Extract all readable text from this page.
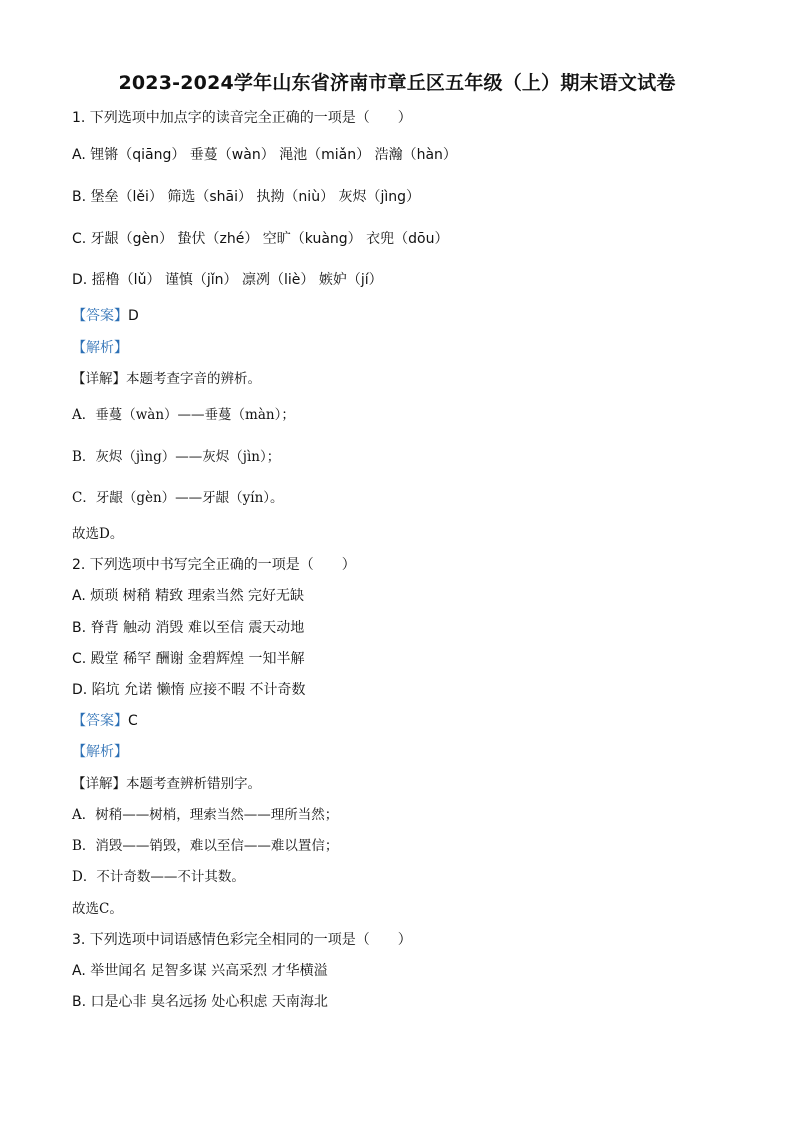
2023-2024学年山东省济南市章丘区五年级（上）期末语文试卷
1. 下列选项中加点字的读音完全正确的一项是（　　）
A. 锂锵（qiāng） 垂蔓（wàn） 渑池（miǎn） 浩瀚（hàn）
B. 堡垒（lěi） 筛选（shāi） 执拗（niù） 灰烬（jìng）
C. 牙龈（gèn） 蛰伏（zhé） 空旷（kuàng） 衣兜（dōu）
D. 摇橹（lǔ） 谨慎（jǐn） 凛冽（liè） 嫉妒（jí）
【答案】D
【解析】
【详解】本题考查字音的辨析。
A．垂蔓（wàn）——垂蔓（màn）；
B．灰烬（jìng）——灰烬（jìn）；
C．牙龈（gèn）——牙龈（yín）。
故选D。
2. 下列选项中书写完全正确的一项是（　　）
A. 烦琐 树稍 精致 理索当然 完好无缺
B. 脊背 触动 消毁 难以至信 震天动地
C. 殿堂 稀罕 酬谢 金碧辉煌 一知半解
D. 陷坑 允诺 懒惰 应接不暇 不计奇数
【答案】C
【解析】
【详解】本题考查辨析错别字。
A．树稍——树梢，理索当然——理所当然；
B．消毁——销毁，难以至信——难以置信；
D．不计奇数——不计其数。
故选C。
3. 下列选项中词语感情色彩完全相同的一项是（　　）
A. 举世闻名 足智多谋 兴高采烈 才华横溢
B. 口是心非 臭名远扬 处心积虑 天南海北
